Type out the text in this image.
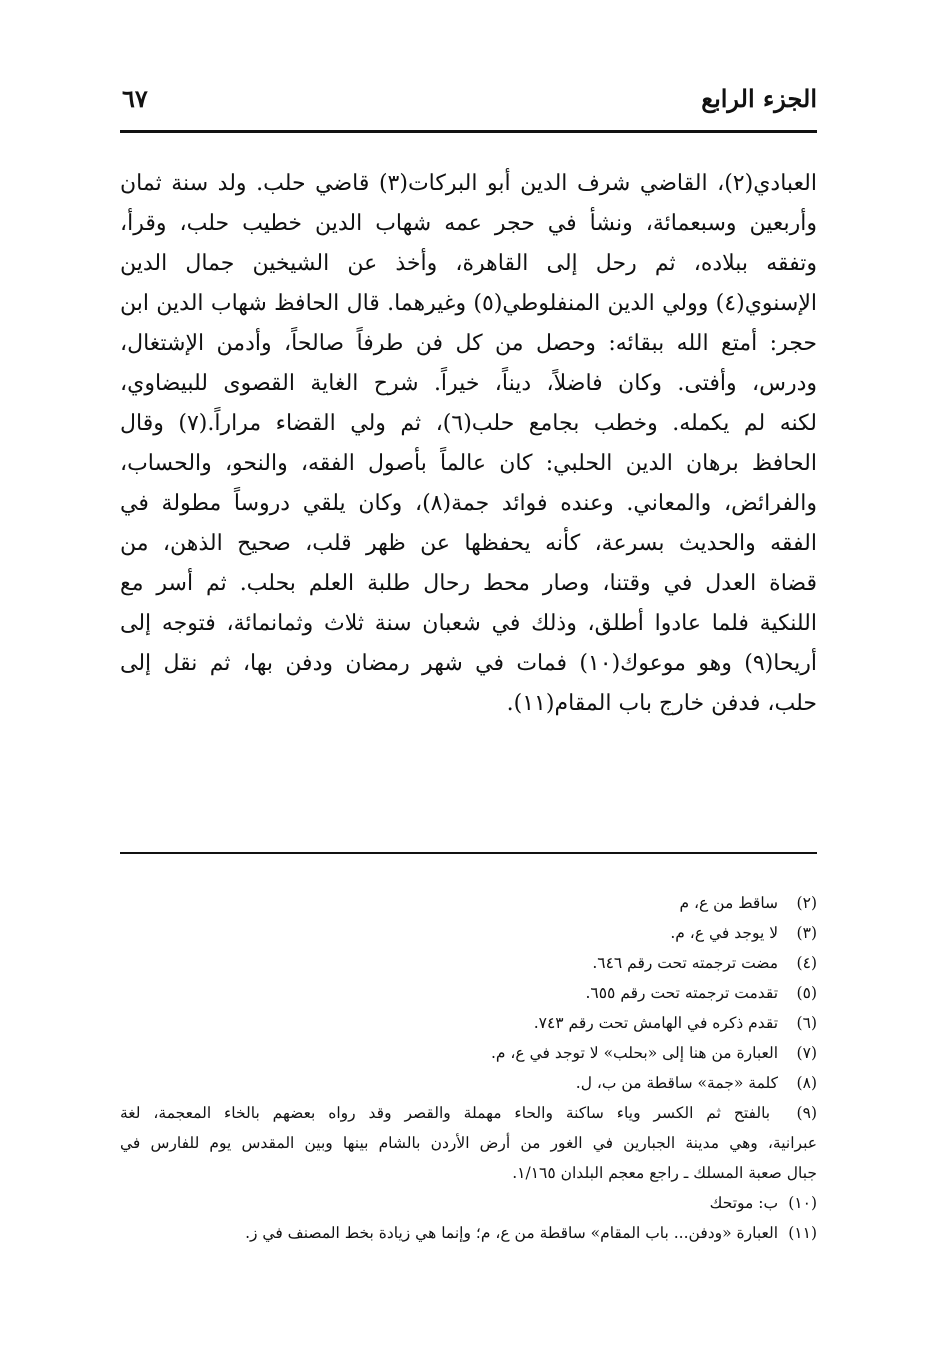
الجزء الرابع
٦٧
العبادي(٢)، القاضي شرف الدين أبو البركات(٣) قاضي حلب. ولد سنة ثمان
وأربعين وسبعمائة، ونشأ في حجر عمه شهاب الدين خطيب حلب، وقرأ،
وتفقه ببلاده، ثم رحل إلى القاهرة، وأخذ عن الشيخين جمال الدين
الإسنوي(٤) وولي الدين المنفلوطي(٥) وغيرهما. قال الحافظ شهاب الدين ابن
حجر: أمتع الله ببقائه: وحصل من كل فن طرفاً صالحاً، وأدمن الإشتغال،
ودرس، وأفتى. وكان فاضلاً، ديناً، خيراً. شرح الغاية القصوى للبيضاوي،
لكنه لم يكمله. وخطب بجامع حلب(٦)، ثم ولي القضاء مراراً.(٧) وقال
الحافظ برهان الدين الحلبي: كان عالماً بأصول الفقه، والنحو، والحساب،
والفرائض، والمعاني. وعنده فوائد جمة(٨)، وكان يلقي دروساً مطولة في
الفقه والحديث بسرعة، كأنه يحفظها عن ظهر قلب، صحيح الذهن، من
قضاة العدل في وقتنا، وصار محط رحال طلبة العلم بحلب. ثم أسر مع
اللنكية فلما عادوا أطلق، وذلك في شعبان سنة ثلاث وثمانمائة، فتوجه إلى
أريحا(٩) وهو موعوك(١٠) فمات في شهر رمضان ودفن بها، ثم نقل إلى
حلب، فدفن خارج باب المقام(١١).
(٢) ساقط من ع، م
(٣) لا يوجد في ع، م.
(٤) مضت ترجمته تحت رقم ٦٤٦.
(٥) تقدمت ترجمته تحت رقم ٦٥٥.
(٦) تقدم ذكره في الهامش تحت رقم ٧٤٣.
(٧) العبارة من هنا إلى «بحلب» لا توجد في ع، م.
(٨) كلمة «جمة» ساقطة من ب، ل.
(٩) بالفتح ثم الكسر وياء ساكنة والحاء مهملة والقصر وقد رواه بعضهم بالخاء المعجمة، لغة
عبرانية، وهي مدينة الجبارين في الغور من أرض الأردن بالشام بينها وبين المقدس يوم للفارس في
جبال صعبة المسلك ـ راجع معجم البلدان ١/١٦٥.
(١٠) ب: موتحك
(١١) العبارة «ودفن... باب المقام» ساقطة من ع، م؛ وإنما هي زيادة بخط المصنف في ز.
